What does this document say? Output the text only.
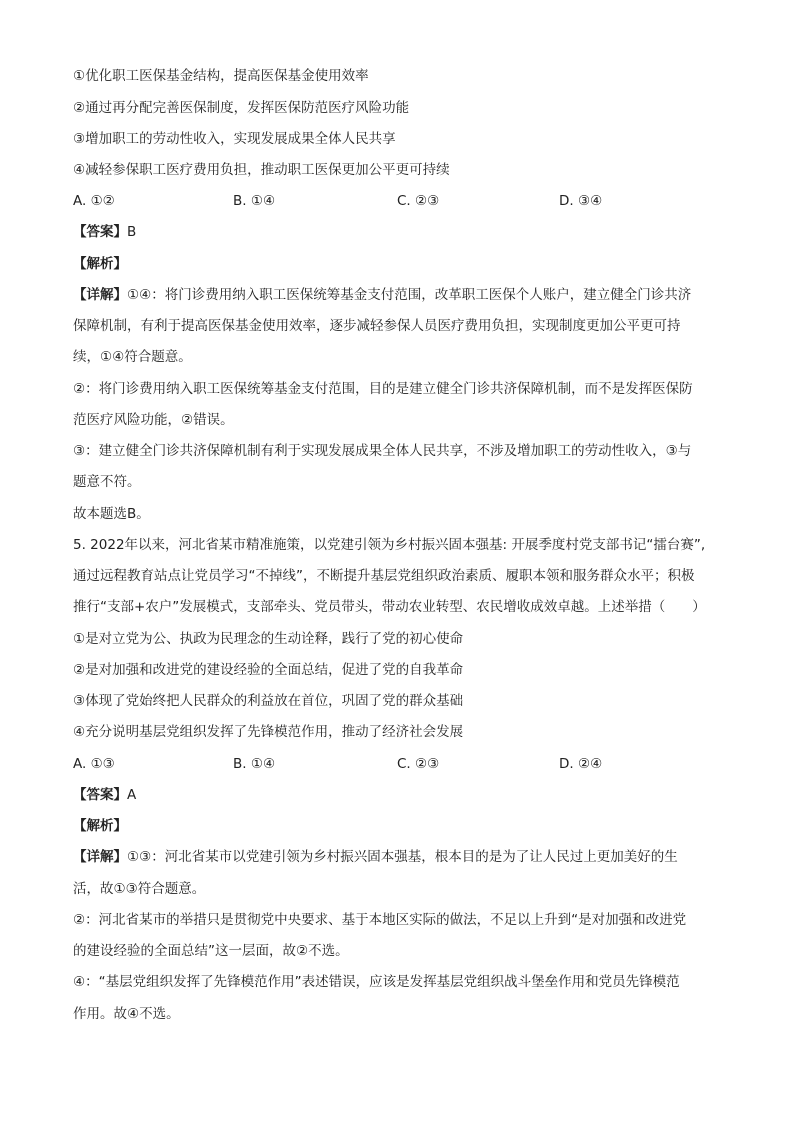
①优化职工医保基金结构，提高医保基金使用效率
②通过再分配完善医保制度，发挥医保防范医疗风险功能
③增加职工的劳动性收入，实现发展成果全体人民共享
④减轻参保职工医疗费用负担，推动职工医保更加公平更可持续
A. ①②	B. ①④	C. ②③	D. ③④
【答案】B
【解析】
【详解】①④：将门诊费用纳入职工医保统筹基金支付范围，改革职工医保个人账户，建立健全门诊共济
保障机制，有利于提高医保基金使用效率，逐步减轻参保人员医疗费用负担，实现制度更加公平更可持
续，①④符合题意。
②：将门诊费用纳入职工医保统筹基金支付范围，目的是建立健全门诊共济保障机制，而不是发挥医保防
范医疗风险功能，②错误。
③：建立健全门诊共济保障机制有利于实现发展成果全体人民共享，不涉及增加职工的劳动性收入，③与
题意不符。
故本题选B。
5. 2022年以来，河北省某市精准施策，以党建引领为乡村振兴固本强基: 开展季度村党支部书记“擂台赛”,
通过远程教育站点让党员学习“不掉线”，不断提升基层党组织政治素质、履职本领和服务群众水平；积极
推行“支部+农户”发展模式，支部牵头、党员带头，带动农业转型、农民增收成效卓越。上述举措（　　）
①是对立党为公、执政为民理念的生动诠释，践行了党的初心使命
②是对加强和改进党的建设经验的全面总结，促进了党的自我革命
③体现了党始终把人民群众的利益放在首位，巩固了党的群众基础
④充分说明基层党组织发挥了先锋模范作用，推动了经济社会发展
A. ①③	B. ①④	C. ②③	D. ②④
【答案】A
【解析】
【详解】①③：河北省某市以党建引领为乡村振兴固本强基，根本目的是为了让人民过上更加美好的生
活，故①③符合题意。
②：河北省某市的举措只是贯彻党中央要求、基于本地区实际的做法，不足以上升到“是对加强和改进党
的建设经验的全面总结”这一层面，故②不选。
④：“基层党组织发挥了先锋模范作用”表述错误，应该是发挥基层党组织战斗堡垒作用和党员先锋模范
作用。故④不选。
